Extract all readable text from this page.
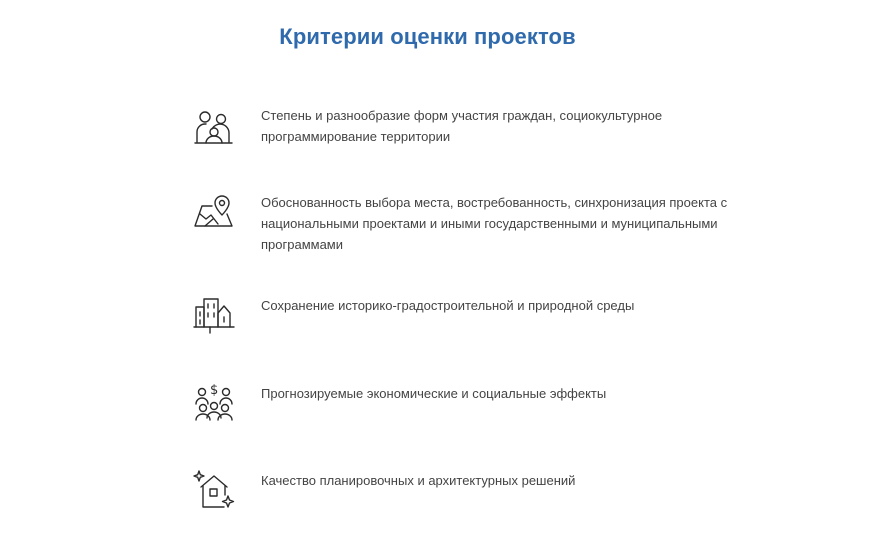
Критерии оценки проектов
Степень и разнообразие форм участия граждан, социокультурное программирование территории
Обоснованность выбора места, востребованность, синхронизация проекта с национальными проектами и иными государственными и муниципальными программами
Сохранение историко-градостроительной и природной среды
$	Прогнозируемые экономические и социальные эффекты
Качество планировочных и архитектурных решений
